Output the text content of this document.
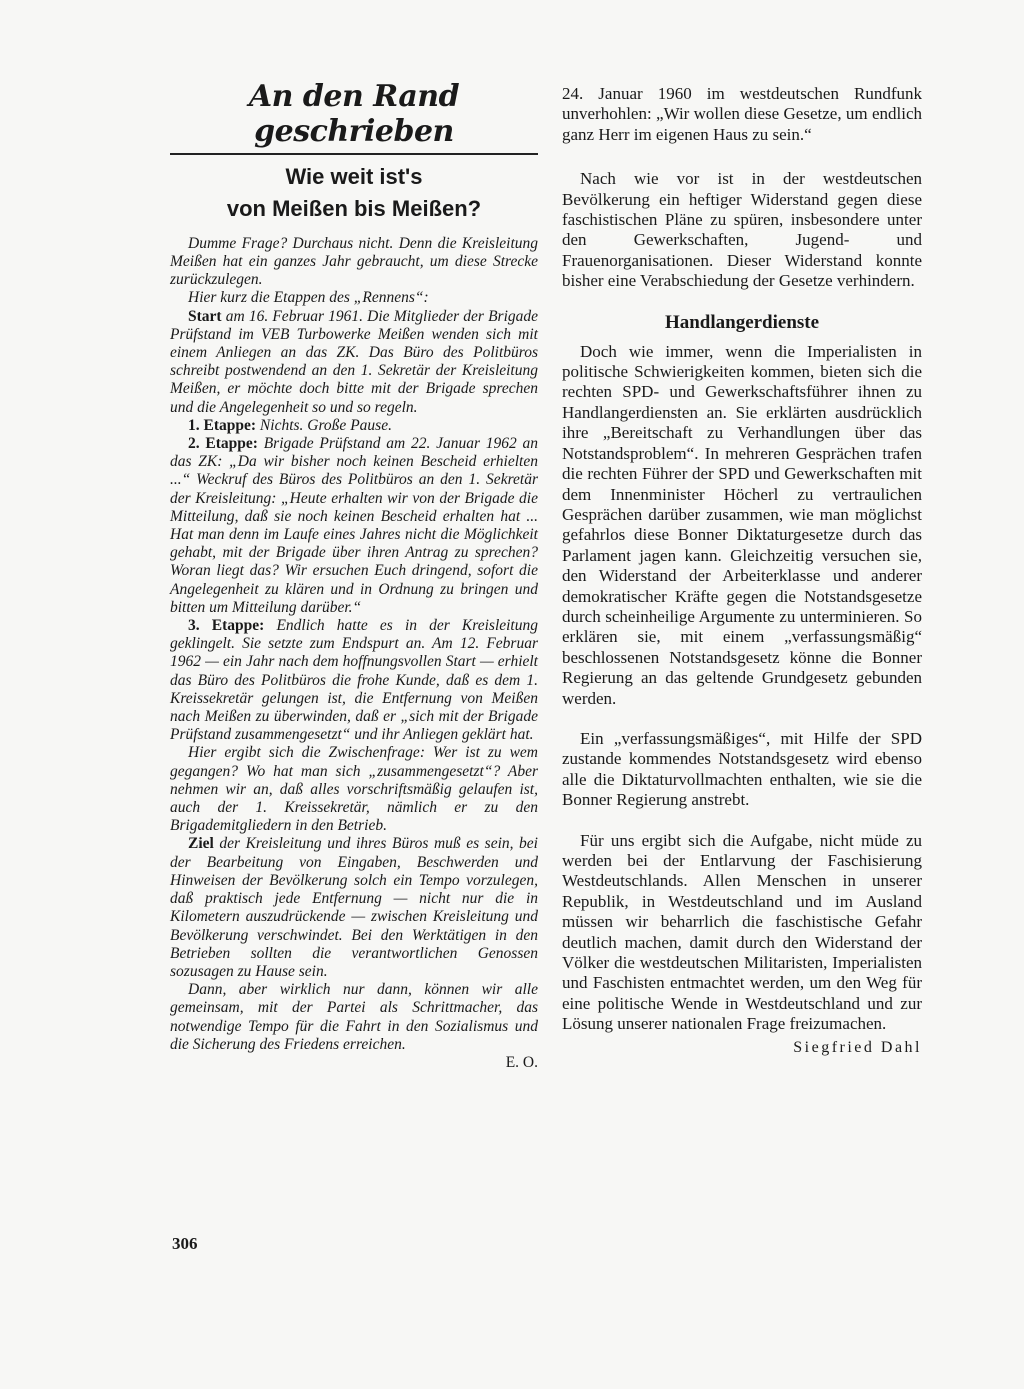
An den Rand geschrieben
Wie weit ist's
von Meißen bis Meißen?

Dumme Frage? Durchaus nicht. Denn die Kreisleitung Meißen hat ein ganzes Jahr gebraucht, um diese Strecke zurückzulegen.

Hier kurz die Etappen des „Rennens“:

Start am 16. Februar 1961. Die Mitglieder der Brigade Prüfstand im VEB Turbowerke Meißen wenden sich mit einem Anliegen an das ZK. Das Büro des Politbüros schreibt postwendend an den 1. Sekretär der Kreisleitung Meißen, er möchte doch bitte mit der Brigade sprechen und die Angelegenheit so und so regeln.

1. Etappe: Nichts. Große Pause.

2. Etappe: Brigade Prüfstand am 22. Januar 1962 an das ZK: „Da wir bisher noch keinen Bescheid erhielten ...“ Weckruf des Büros des Politbüros an den 1. Sekretär der Kreisleitung: „Heute erhalten wir von der Brigade die Mitteilung, daß sie noch keinen Bescheid erhalten hat ... Hat man denn im Laufe eines Jahres nicht die Möglichkeit gehabt, mit der Brigade über ihren Antrag zu sprechen? Woran liegt das? Wir ersuchen Euch dringend, sofort die Angelegenheit zu klären und in Ordnung zu bringen und bitten um Mitteilung darüber.“

3. Etappe: Endlich hatte es in der Kreisleitung geklingelt. Sie setzte zum Endspurt an. Am 12. Februar 1962 — ein Jahr nach dem hoffnungsvollen Start — erhielt das Büro des Politbüros die frohe Kunde, daß es dem 1. Kreissekretär gelungen ist, die Entfernung von Meißen nach Meißen zu überwinden, daß er „sich mit der Brigade Prüfstand zusammengesetzt“ und ihr Anliegen geklärt hat.

Hier ergibt sich die Zwischenfrage: Wer ist zu wem gegangen? Wo hat man sich „zusammengesetzt“? Aber nehmen wir an, daß alles vorschriftsmäßig gelaufen ist, auch der 1. Kreissekretär, nämlich er zu den Brigademitgliedern in den Betrieb.

Ziel der Kreisleitung und ihres Büros muß es sein, bei der Bearbeitung von Eingaben, Beschwerden und Hinweisen der Bevölkerung solch ein Tempo vorzulegen, daß praktisch jede Entfernung — nicht nur die in Kilometern auszudrückende — zwischen Kreisleitung und Bevölkerung verschwindet. Bei den Werktätigen in den Betrieben sollten die verantwortlichen Genossen sozusagen zu Hause sein.

Dann, aber wirklich nur dann, können wir alle gemeinsam, mit der Partei als Schrittmacher, das notwendige Tempo für die Fahrt in den Sozialismus und die Sicherung des Friedens erreichen.
E. O.

24. Januar 1960 im westdeutschen Rundfunk unverhohlen: „Wir wollen diese Gesetze, um endlich ganz Herr im eigenen Haus zu sein.“

Nach wie vor ist in der westdeutschen Bevölkerung ein heftiger Widerstand gegen diese faschistischen Pläne zu spüren, insbesondere unter den Gewerkschaften, Jugend- und Frauenorganisationen. Dieser Widerstand konnte bisher eine Verabschiedung der Gesetze verhindern.

Handlangerdienste

Doch wie immer, wenn die Imperialisten in politische Schwierigkeiten kommen, bieten sich die rechten SPD- und Gewerkschaftsführer ihnen zu Handlangerdiensten an. Sie erklärten ausdrücklich ihre „Bereitschaft zu Verhandlungen über das Notstandsproblem“. In mehreren Gesprächen trafen die rechten Führer der SPD und Gewerkschaften mit dem Innenminister Höcherl zu vertraulichen Gesprächen darüber zusammen, wie man möglichst gefahrlos diese Bonner Diktaturgesetze durch das Parlament jagen kann. Gleichzeitig versuchen sie, den Widerstand der Arbeiterklasse und anderer demokratischer Kräfte gegen die Notstandsgesetze durch scheinheilige Argumente zu unterminieren. So erklären sie, mit einem „verfassungsmäßig“ beschlossenen Notstandsgesetz könne die Bonner Regierung an das geltende Grundgesetz gebunden werden.

Ein „verfassungsmäßiges“, mit Hilfe der SPD zustande kommendes Notstandsgesetz wird ebenso alle die Diktaturvollmachten enthalten, wie sie die Bonner Regierung anstrebt.

Für uns ergibt sich die Aufgabe, nicht müde zu werden bei der Entlarvung der Faschisierung Westdeutschlands. Allen Menschen in unserer Republik, in Westdeutschland und im Ausland müssen wir beharrlich die faschistische Gefahr deutlich machen, damit durch den Widerstand der Völker die westdeutschen Militaristen, Imperialisten und Faschisten entmachtet werden, um den Weg für eine politische Wende in Westdeutschland und zur Lösung unserer nationalen Frage freizumachen.

Siegfried Dahl
306
